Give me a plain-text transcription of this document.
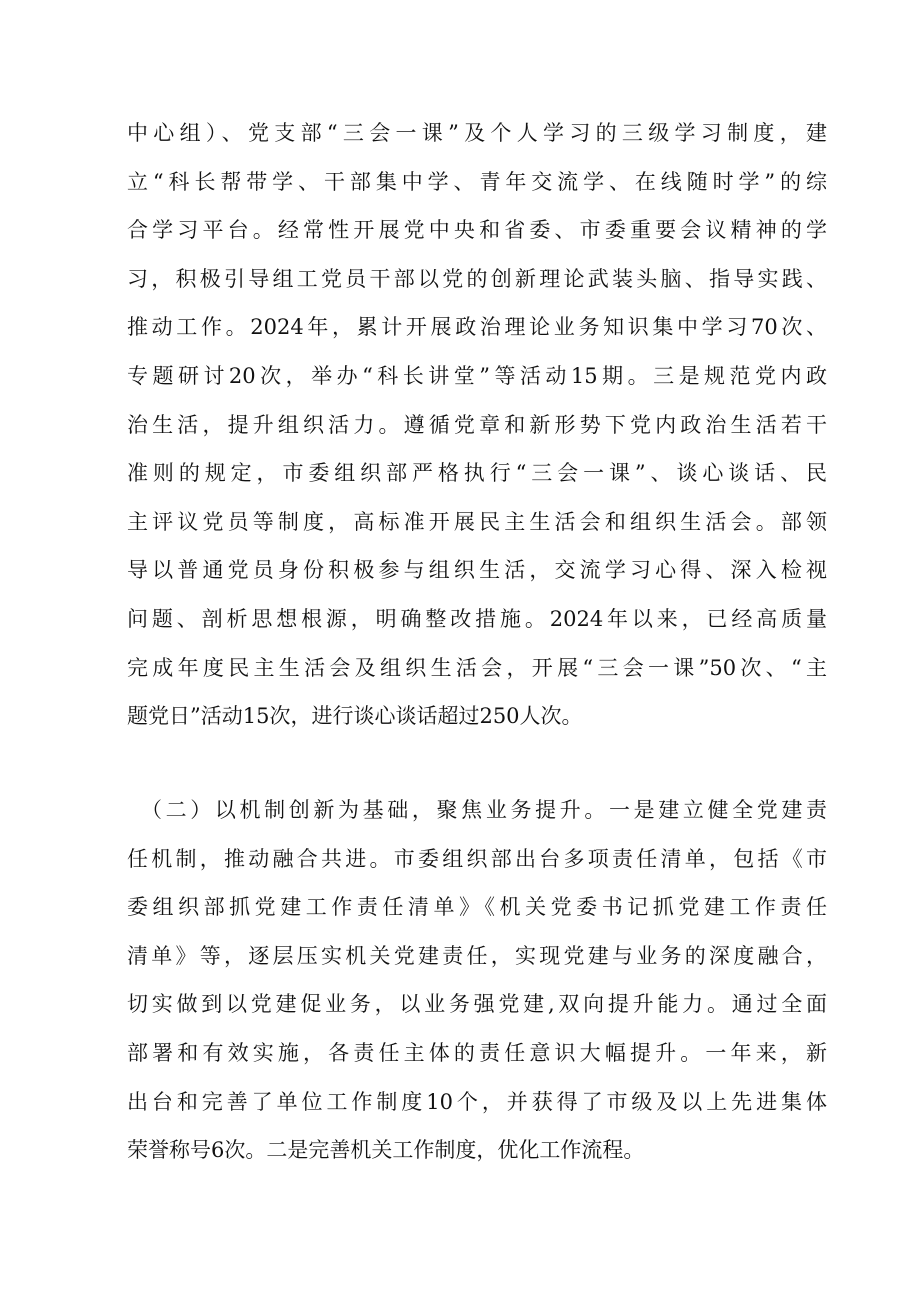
中心组）、党支部“三会一课”及个人学习的三级学习制度，建
立“科长帮带学、干部集中学、青年交流学、在线随时学”的综
合学习平台。经常性开展党中央和省委、市委重要会议精神的学
习，积极引导组工党员干部以党的创新理论武装头脑、指导实践、
推动工作。2024年，累计开展政治理论业务知识集中学习70次、
专题研讨20次，举办“科长讲堂”等活动15期。三是规范党内政
治生活，提升组织活力。遵循党章和新形势下党内政治生活若干
准则的规定，市委组织部严格执行“三会一课”、谈心谈话、民
主评议党员等制度，高标准开展民主生活会和组织生活会。部领
导以普通党员身份积极参与组织生活，交流学习心得、深入检视
问题、剖析思想根源，明确整改措施。2024年以来，已经高质量
完成年度民主生活会及组织生活会，开展“三会一课”50次、“主
题党日”活动15次，进行谈心谈话超过250人次。
（二）以机制创新为基础，聚焦业务提升。一是建立健全党建责
任机制，推动融合共进。市委组织部出台多项责任清单，包括《市
委组织部抓党建工作责任清单》《机关党委书记抓党建工作责任
清单》等，逐层压实机关党建责任，实现党建与业务的深度融合，
切实做到以党建促业务，以业务强党建,双向提升能力。通过全面
部署和有效实施，各责任主体的责任意识大幅提升。一年来，新
出台和完善了单位工作制度10个，并获得了市级及以上先进集体
荣誉称号6次。二是完善机关工作制度，优化工作流程。
